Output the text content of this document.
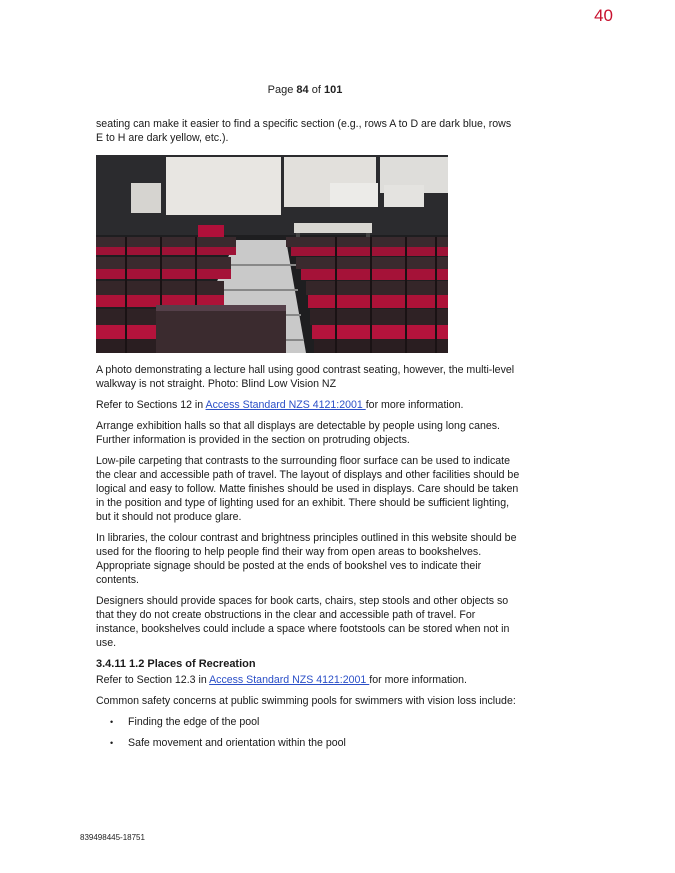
40
Page 84 of 101

seating can make it easier to find a specific section (e.g., rows A to D are dark blue, rows E to H are dark yellow, etc.).

A photo demonstrating a lecture hall using good contrast seating, however, the multi-level walkway is not straight. Photo: Blind Low Vision NZ

Refer to Sections 12 in Access Standard NZS 4121:2001 for more information.

Arrange exhibition halls so that all displays are detectable by people using long canes. Further information is provided in the section on protruding objects.

Low-pile carpeting that contrasts to the surrounding floor surface can be used to indicate the clear and accessible path of travel. The layout of displays and other facilities should be logical and easy to follow. Matte finishes should be used in displays. Care should be taken in the position and type of lighting used for an exhibit. There should be sufficient lighting, but it should not produce glare.

In libraries, the colour contrast and brightness principles outlined in this website should be used for the flooring to help people find their way from open areas to bookshelves. Appropriate signage should be posted at the ends of bookshel ves to indicate their contents.

Designers should provide spaces for book carts, chairs, step stools and other objects so that they do not create obstructions in the clear and accessible path of travel. For instance, bookshelves could include a space where footstools can be stored when not in use.

3.4.11 1.2 Places of Recreation

Refer to Section 12.3 in Access Standard NZS 4121:2001 for more information.

Common safety concerns at public swimming pools for swimmers with vision loss include:

• Finding the edge of the pool
• Safe movement and orientation within the pool
839498445-18751
